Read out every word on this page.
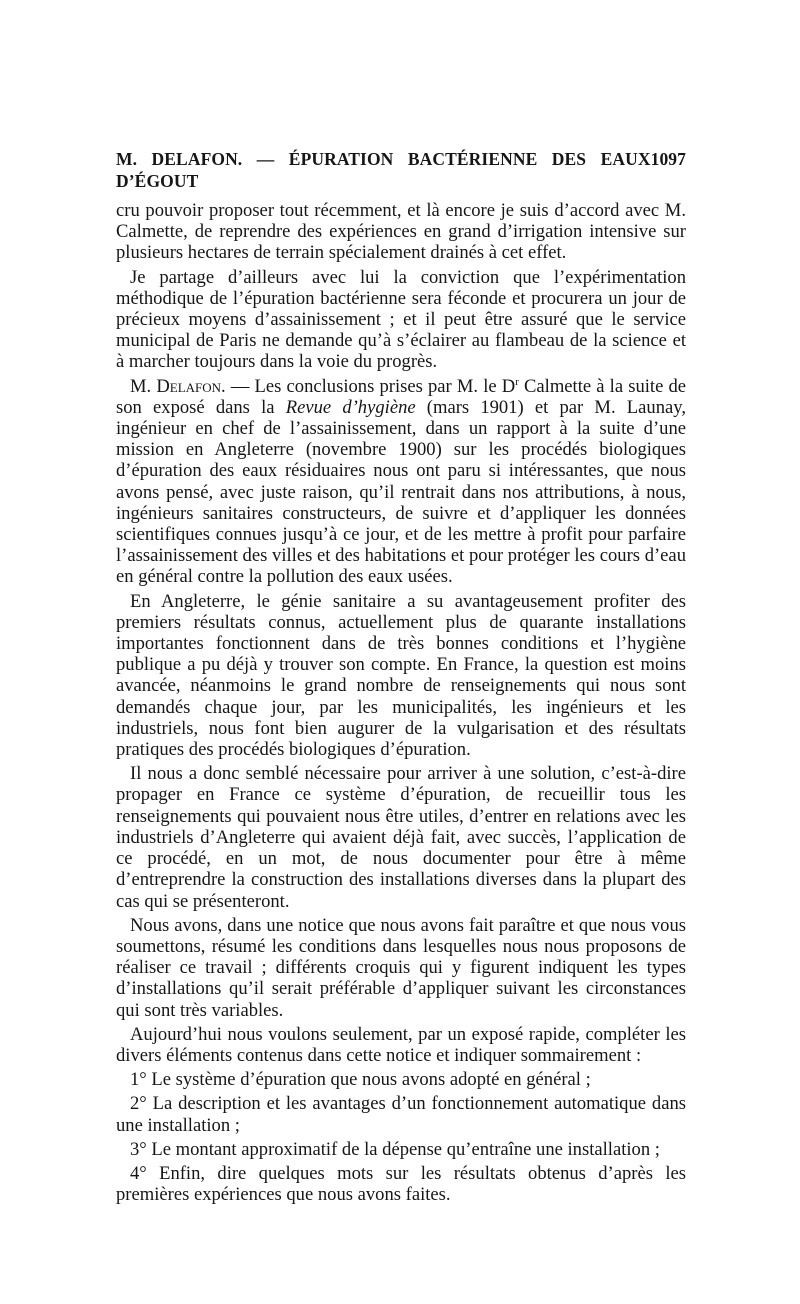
M. DELAFON. — ÉPURATION BACTÉRIENNE DES EAUX D’ÉGOUT
1097

cru pouvoir proposer tout récemment, et là encore je suis d’accord avec M. Calmette, de reprendre des expériences en grand d’irrigation intensive sur plusieurs hectares de terrain spécialement drainés à cet effet.

Je partage d’ailleurs avec lui la conviction que l’expérimentation méthodique de l’épuration bactérienne sera féconde et procurera un jour de précieux moyens d’assainissement ; et il peut être assuré que le service municipal de Paris ne demande qu’à s’éclairer au flambeau de la science et à marcher toujours dans la voie du progrès.

M. Delafon. — Les conclusions prises par M. le $D^r$ Calmette à la suite de son exposé dans la Revue d’hygiène (mars 1901) et par M. Launay, ingénieur en chef de l’assainissement, dans un rapport à la suite d’une mission en Angleterre (novembre 1900) sur les procédés biologiques d’épuration des eaux résiduaires nous ont paru si intéressantes, que nous avons pensé, avec juste raison, qu’il rentrait dans nos attributions, à nous, ingénieurs sanitaires constructeurs, de suivre et d’appliquer les données scientifiques connues jusqu’à ce jour, et de les mettre à profit pour parfaire l’assainissement des villes et des habitations et pour protéger les cours d’eau en général contre la pollution des eaux usées.

En Angleterre, le génie sanitaire a su avantageusement profiter des premiers résultats connus, actuellement plus de quarante installations importantes fonctionnent dans de très bonnes conditions et l’hygiène publique a pu déjà y trouver son compte. En France, la question est moins avancée, néanmoins le grand nombre de renseignements qui nous sont demandés chaque jour, par les municipalités, les ingénieurs et les industriels, nous font bien augurer de la vulgarisation et des résultats pratiques des procédés biologiques d’épuration.

Il nous a donc semblé nécessaire pour arriver à une solution, c’est-à-dire propager en France ce système d’épuration, de recueillir tous les renseignements qui pouvaient nous être utiles, d’entrer en relations avec les industriels d’Angleterre qui avaient déjà fait, avec succès, l’application de ce procédé, en un mot, de nous documenter pour être à même d’entreprendre la construction des installations diverses dans la plupart des cas qui se présenteront.

Nous avons, dans une notice que nous avons fait paraître et que nous vous soumettons, résumé les conditions dans lesquelles nous nous proposons de réaliser ce travail ; différents croquis qui y figurent indiquent les types d’installations qu’il serait préférable d’appliquer suivant les circonstances qui sont très variables.

Aujourd’hui nous voulons seulement, par un exposé rapide, compléter les divers éléments contenus dans cette notice et indiquer sommairement :

1° Le système d’épuration que nous avons adopté en général ;

2° La description et les avantages d’un fonctionnement automatique dans une installation ;

3° Le montant approximatif de la dépense qu’entraîne une installation ;

4° Enfin, dire quelques mots sur les résultats obtenus d’après les premières expériences que nous avons faites.
